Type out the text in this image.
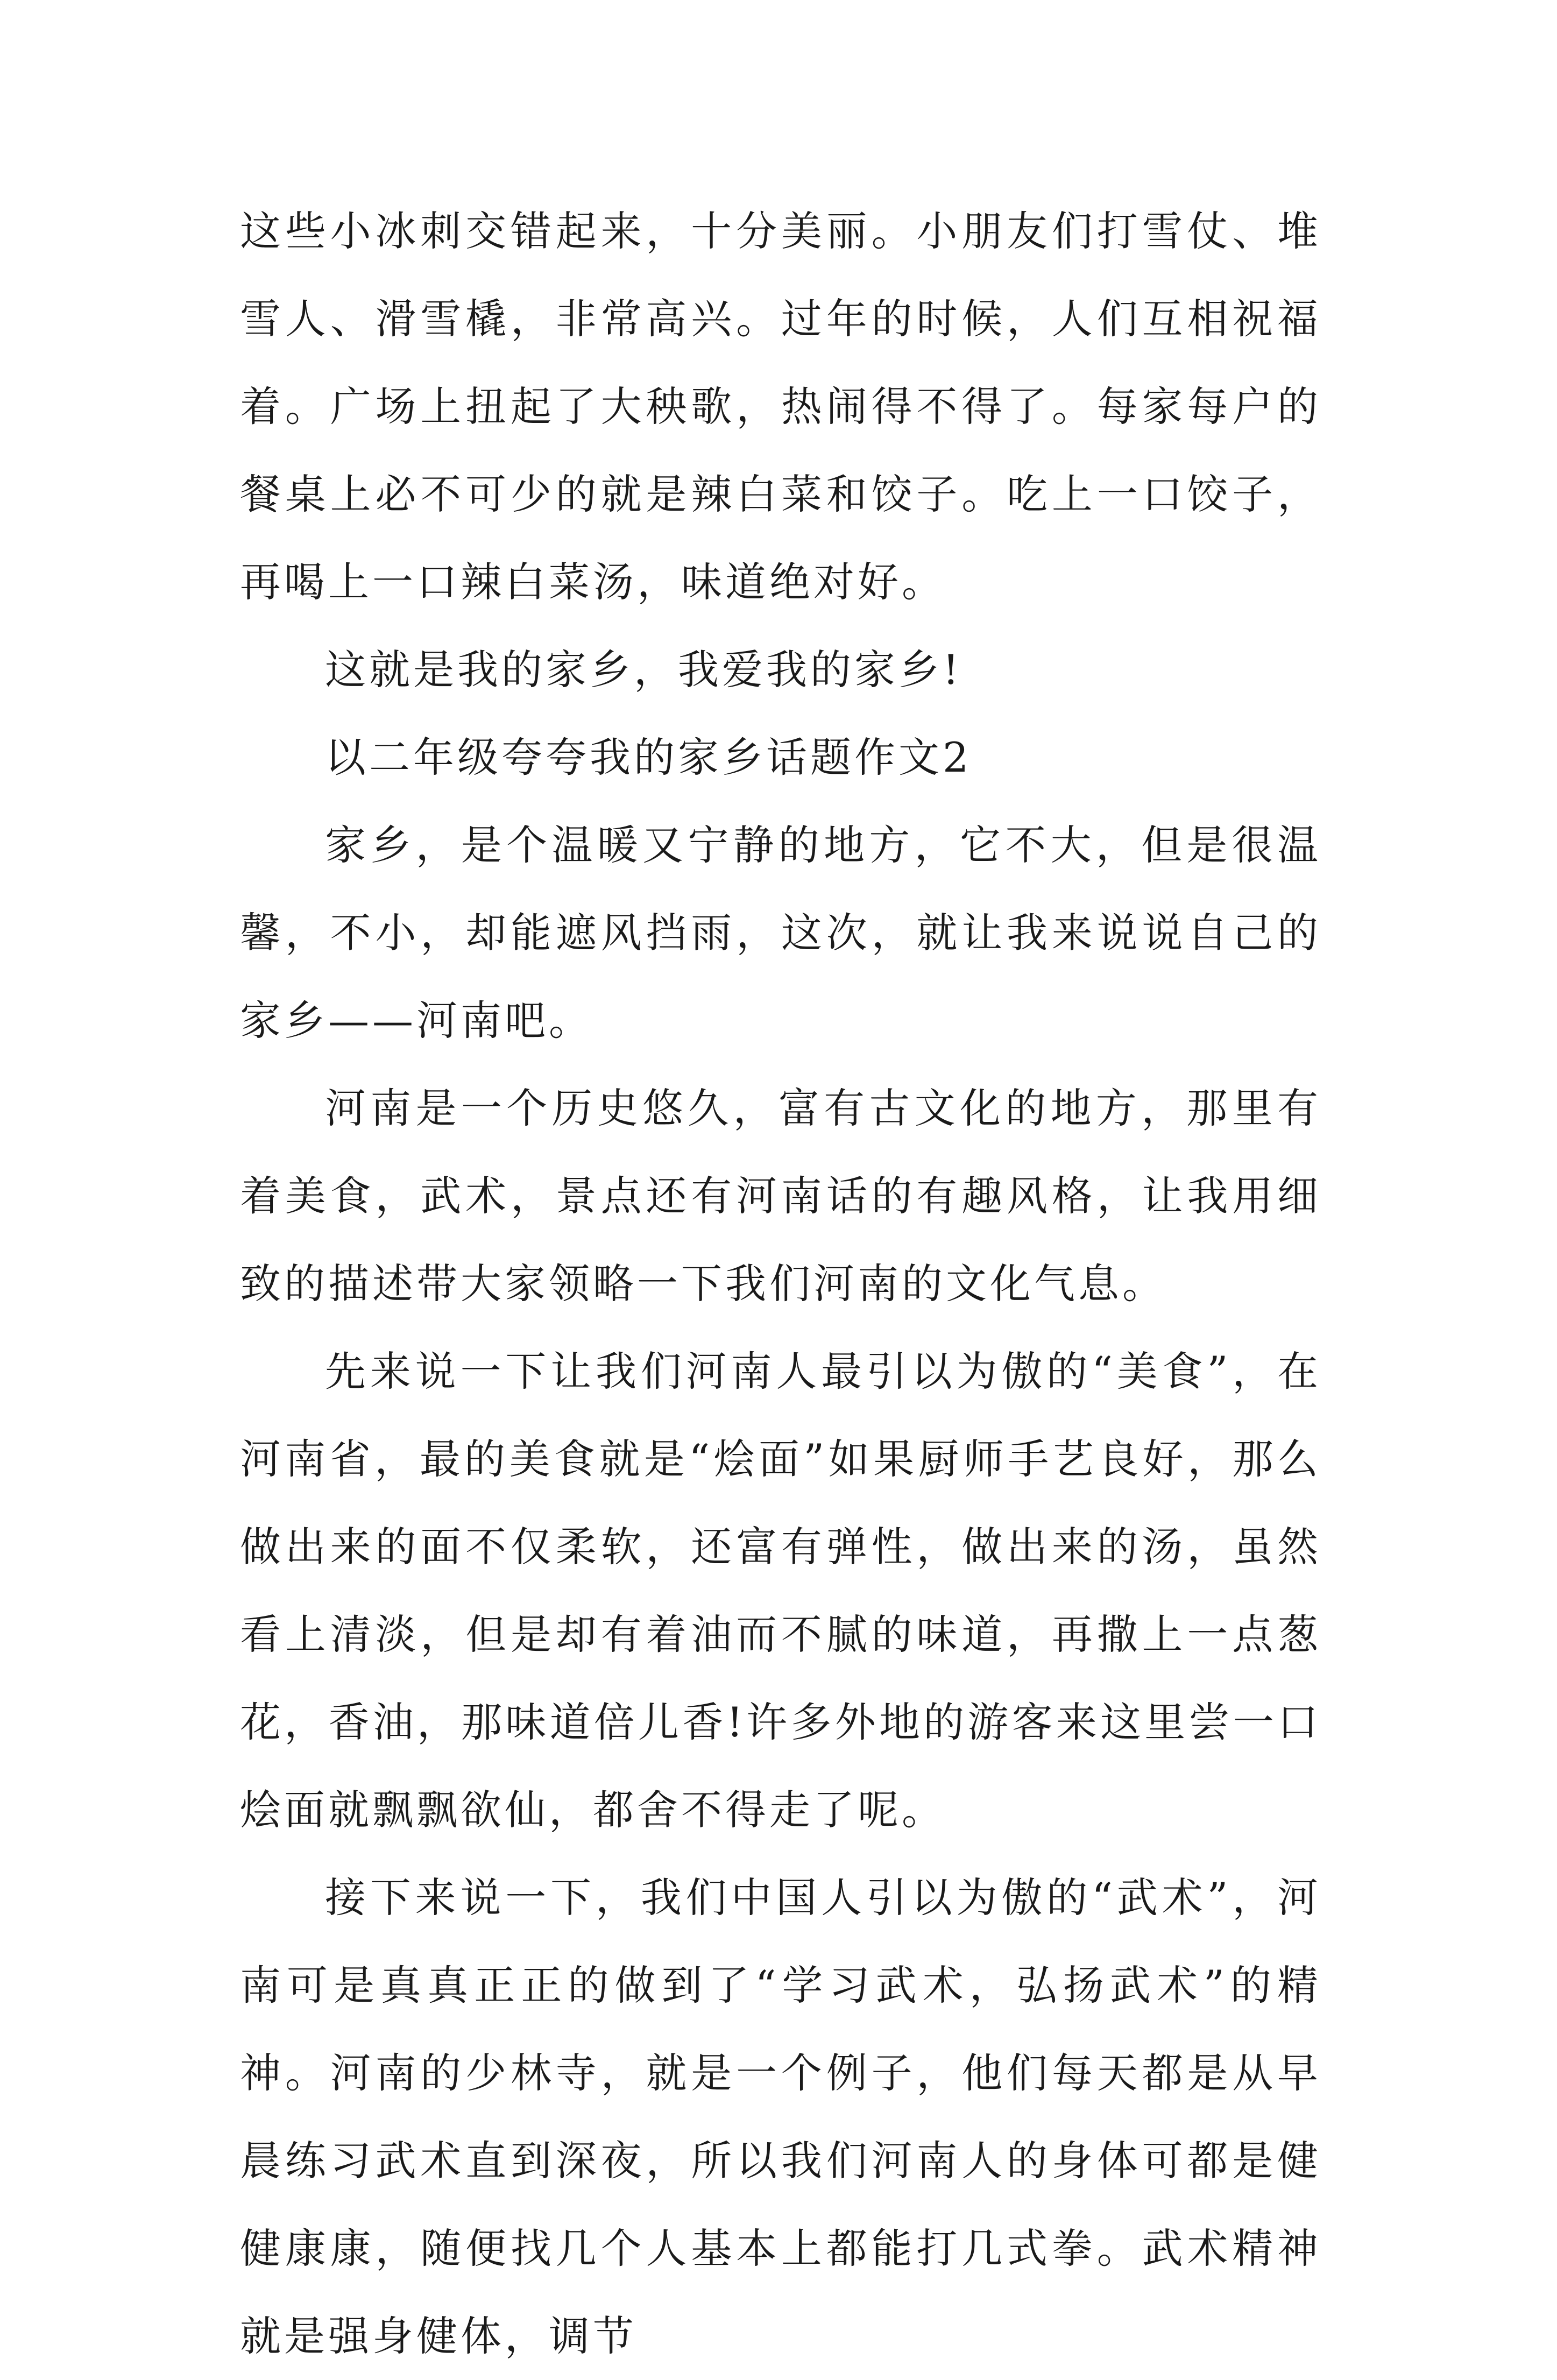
这些小冰刺交错起来，十分美丽。小朋友们打雪仗、堆雪人、滑雪橇，非常高兴。过年的时候，人们互相祝福着。广场上扭起了大秧歌，热闹得不得了。每家每户的餐桌上必不可少的就是辣白菜和饺子。吃上一口饺子，再喝上一口辣白菜汤，味道绝对好。

这就是我的家乡，我爱我的家乡!

以二年级夸夸我的家乡话题作文2

家乡，是个温暖又宁静的地方，它不大，但是很温馨，不小，却能遮风挡雨，这次，就让我来说说自己的家乡——河南吧。

河南是一个历史悠久，富有古文化的地方，那里有着美食，武术，景点还有河南话的有趣风格，让我用细致的描述带大家领略一下我们河南的文化气息。

先来说一下让我们河南人最引以为傲的“美食”，在河南省，最的美食就是“烩面”如果厨师手艺良好，那么做出来的面不仅柔软，还富有弹性，做出来的汤，虽然看上清淡，但是却有着油而不腻的味道，再撒上一点葱花，香油，那味道倍儿香!许多外地的游客来这里尝一口烩面就飘飘欲仙，都舍不得走了呢。

接下来说一下，我们中国人引以为傲的“武术”，河南可是真真正正的做到了“学习武术，弘扬武术”的精神。河南的少林寺，就是一个例子，他们每天都是从早晨练习武术直到深夜，所以我们河南人的身体可都是健健康康，随便找几个人基本上都能打几式拳。武术精神就是强身健体，调节
